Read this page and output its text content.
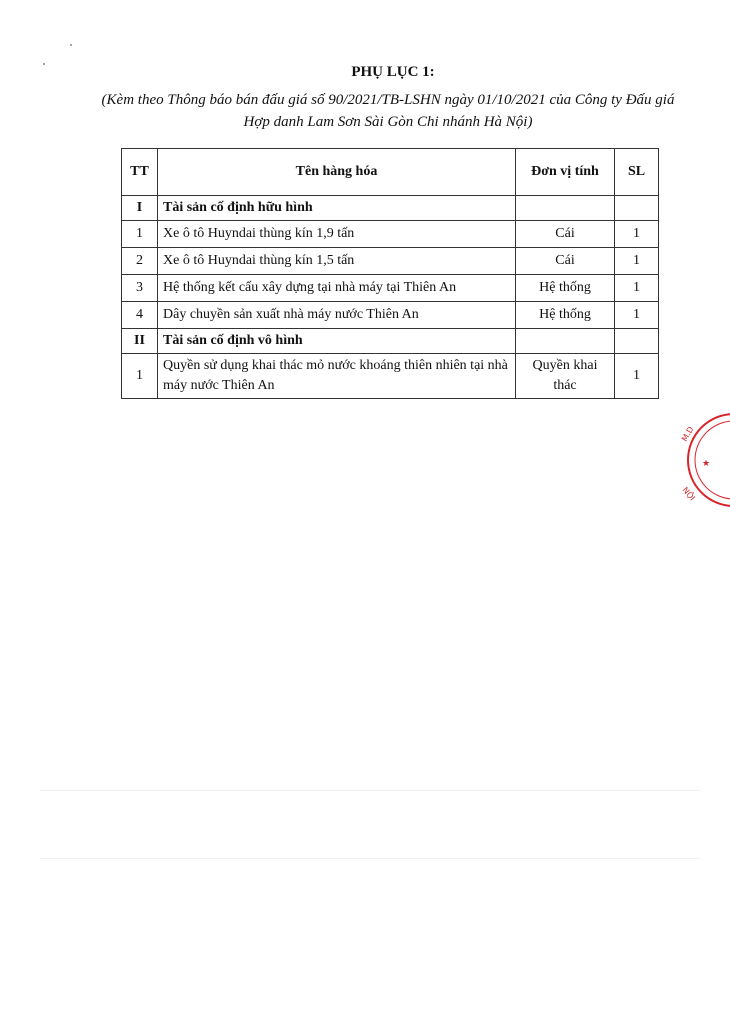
PHỤ LỤC 1:
(Kèm theo Thông báo bán đấu giá số 90/2021/TB-LSHN ngày 01/10/2021 của Công ty Đấu giá Hợp danh Lam Sơn Sài Gòn Chi nhánh Hà Nội)
TT	Tên hàng hóa	Đơn vị tính	SL
I	Tài sản cố định hữu hình		
1	Xe ô tô Huyndai thùng kín 1,9 tấn	Cái	1
2	Xe ô tô Huyndai thùng kín 1,5 tấn	Cái	1
3	Hệ thống kết cấu xây dựng tại nhà máy tại Thiên An	Hệ thống	1
4	Dây chuyền sản xuất nhà máy nước Thiên An	Hệ thống	1
II	Tài sản cố định vô hình		
1	Quyền sử dụng khai thác mỏ nước khoáng thiên nhiên tại nhà máy nước Thiên An	Quyền khai thác	1
M.D
★
NỘI
